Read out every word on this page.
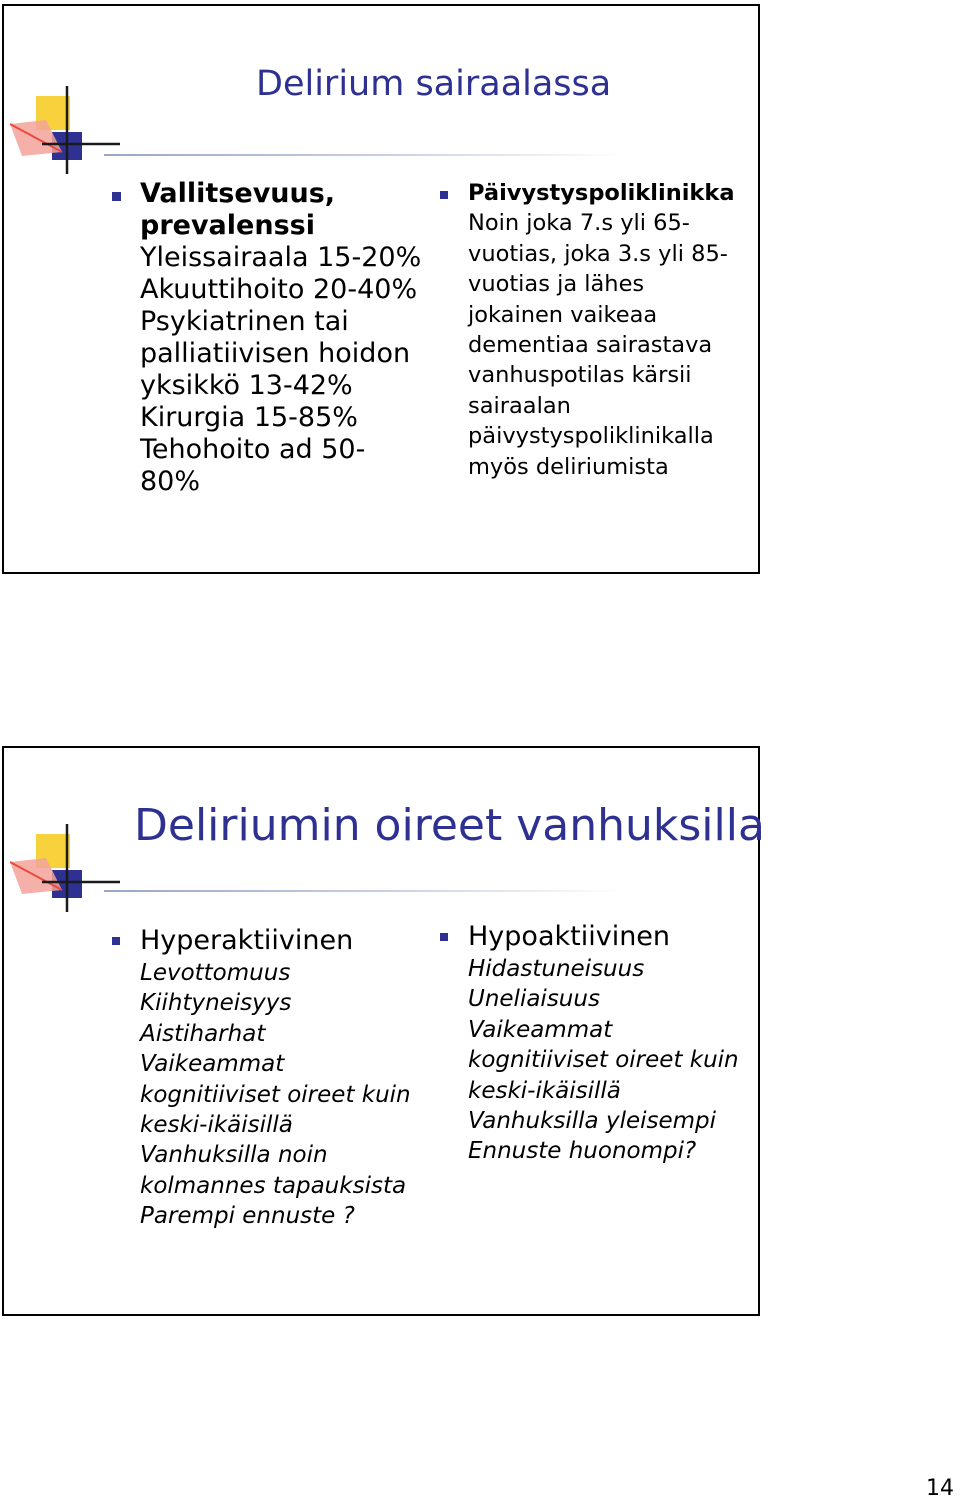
Delirium sairaalassa
Vallitsevuus,
prevalenssi
Yleissairaala 15-20%
Akuuttihoito 20-40%
Psykiatrinen tai
palliatiivisen hoidon
yksikkö 13-42%
Kirurgia 15-85%
Tehohoito ad 50-
80%
Päivystyspoliklinikka
Noin joka 7.s yli 65-
vuotias, joka 3.s yli 85-
vuotias ja lähes
jokainen vaikeaa
dementiaa sairastava
vanhuspotilas kärsii
sairaalan
päivystyspoliklinikalla
myös deliriumista
Deliriumin oireet vanhuksilla
Hyperaktiivinen
Levottomuus
Kiihtyneisyys
Aistiharhat
Vaikeammat
kognitiiviset oireet kuin
keski-ikäisillä
Vanhuksilla noin
kolmannes tapauksista
Parempi ennuste ?
Hypoaktiivinen
Hidastuneisuus
Uneliaisuus
Vaikeammat
kognitiiviset oireet kuin
keski-ikäisillä
Vanhuksilla yleisempi
Ennuste huonompi?
14
